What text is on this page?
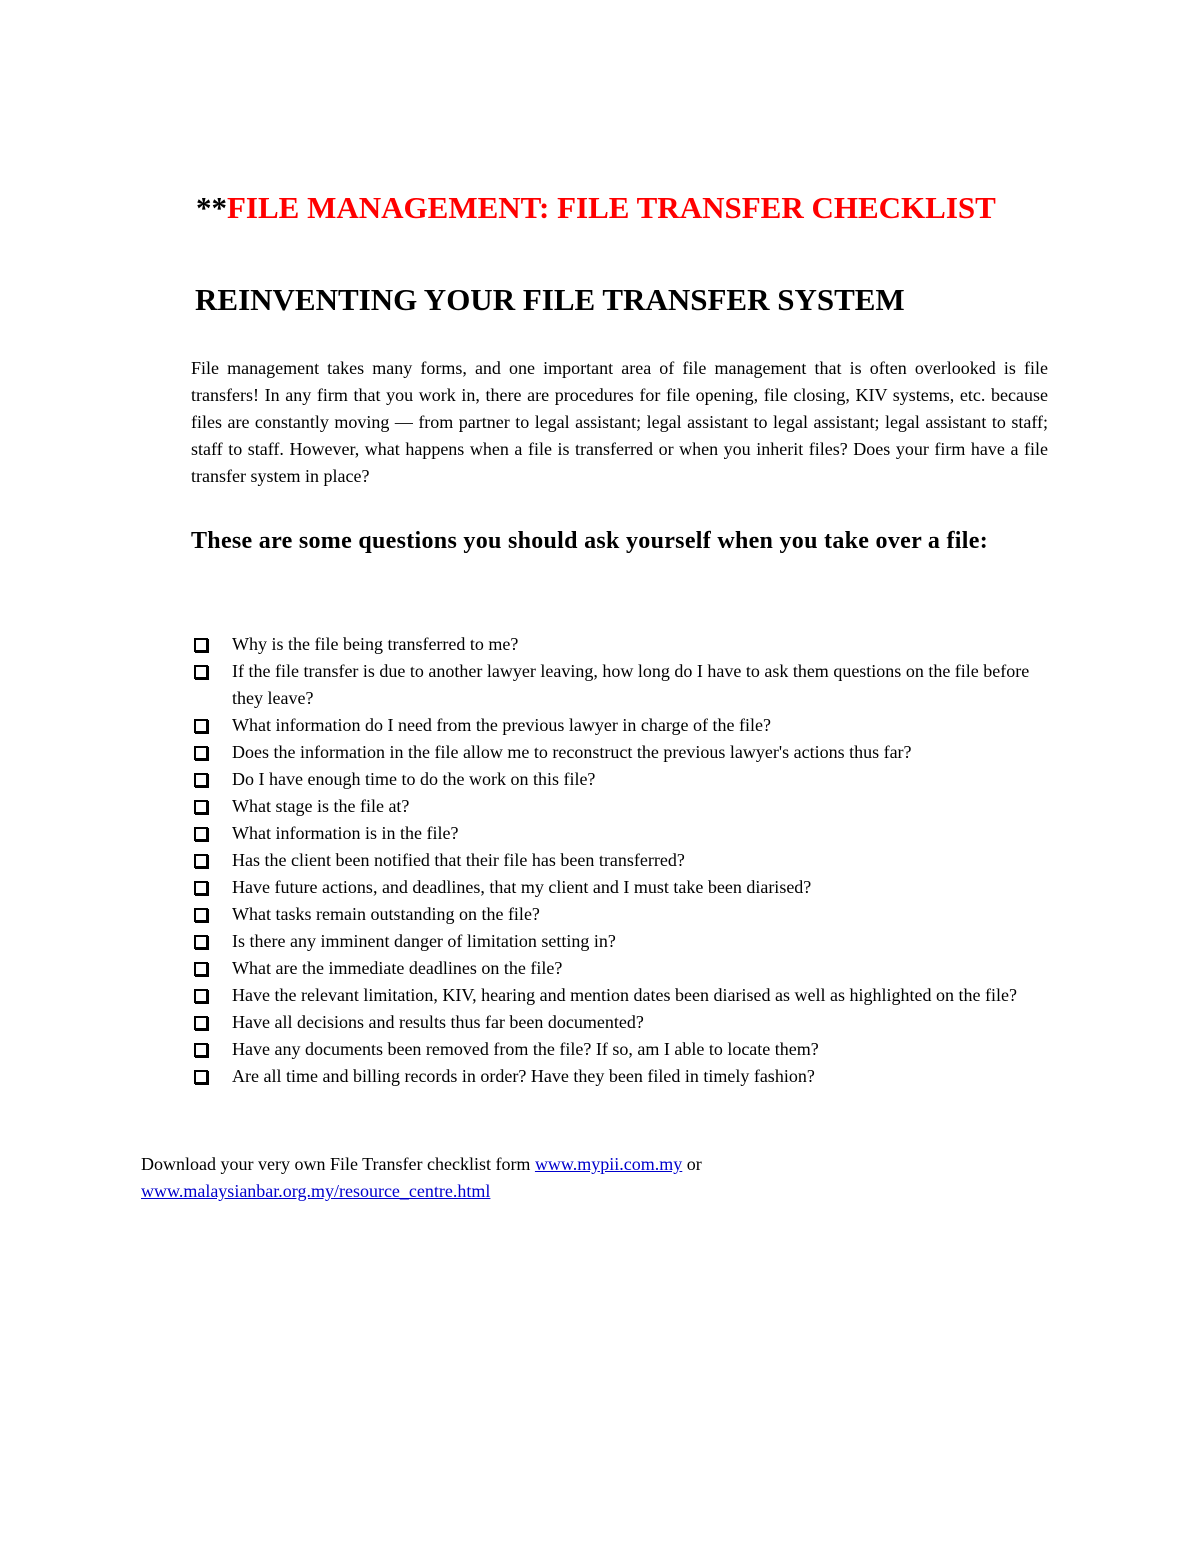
**FILE MANAGEMENT: FILE TRANSFER CHECKLIST
REINVENTING YOUR FILE TRANSFER SYSTEM

File management takes many forms, and one important area of file management that is often overlooked is file transfers! In any firm that you work in, there are procedures for file opening, file closing, KIV systems, etc. because files are constantly moving — from partner to legal assistant; legal assistant to legal assistant; legal assistant to staff; staff to staff. However, what happens when a file is transferred or when you inherit files? Does your firm have a file transfer system in place?

These are some questions you should ask yourself when you take over a file:
Why is the file being transferred to me?
If the file transfer is due to another lawyer leaving, how long do I have to ask them questions on the file before they leave?
What information do I need from the previous lawyer in charge of the file?
Does the information in the file allow me to reconstruct the previous lawyer's actions thus far?
Do I have enough time to do the work on this file?
What stage is the file at?
What information is in the file?
Has the client been notified that their file has been transferred?
Have future actions, and deadlines, that my client and I must take been diarised?
What tasks remain outstanding on the file?
Is there any imminent danger of limitation setting in?
What are the immediate deadlines on the file?
Have the relevant limitation, KIV, hearing and mention dates been diarised as well as highlighted on the file?
Have all decisions and results thus far been documented?
Have any documents been removed from the file? If so, am I able to locate them?
Are all time and billing records in order? Have they been filed in timely fashion?

Download your very own File Transfer checklist form www.mypii.com.my or
www.malaysianbar.org.my/resource_centre.html
